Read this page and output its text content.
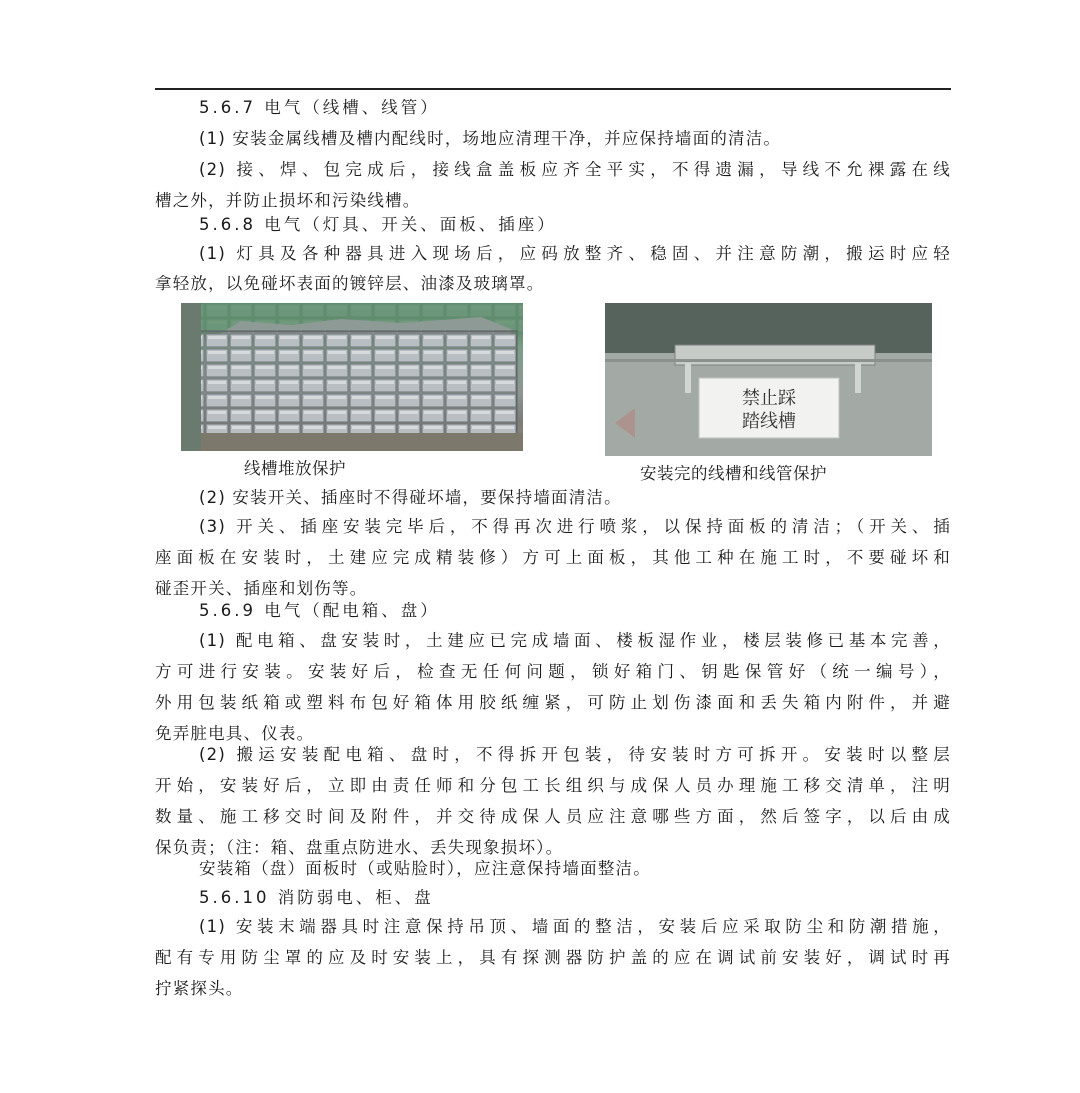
5.6.7 电气（线槽、线管）

(1) 安装金属线槽及槽内配线时，场地应清理干净，并应保持墙面的清洁。

(2) 接、焊、包完成后，接线盒盖板应齐全平实，不得遗漏，导线不允裸露在线
槽之外，并防止损坏和污染线槽。

5.6.8 电气（灯具、开关、面板、插座）

(1) 灯具及各种器具进入现场后，应码放整齐、稳固、并注意防潮，搬运时应轻
拿轻放，以免碰坏表面的镀锌层、油漆及玻璃罩。
线槽堆放保护
禁止踩
踏线槽
安装完的线槽和线管保护

(2) 安装开关、插座时不得碰坏墙，要保持墙面清洁。

(3) 开关、插座安装完毕后，不得再次进行喷浆，以保持面板的清洁；（开关、插
座面板在安装时，土建应完成精装修）方可上面板，其他工种在施工时，不要碰坏和
碰歪开关、插座和划伤等。

5.6.9 电气（配电箱、盘）

(1) 配电箱、盘安装时，土建应已完成墙面、楼板湿作业，楼层装修已基本完善，
方可进行安装。安装好后，检查无任何问题，锁好箱门、钥匙保管好（统一编号），
外用包装纸箱或塑料布包好箱体用胶纸缠紧，可防止划伤漆面和丢失箱内附件，并避
免弄脏电具、仪表。
(2) 搬运安装配电箱、盘时，不得拆开包装，待安装时方可拆开。安装时以整层
开始，安装好后，立即由责任师和分包工长组织与成保人员办理施工移交清单，注明
数量、施工移交时间及附件，并交待成保人员应注意哪些方面，然后签字，以后由成
保负责；（注：箱、盘重点防进水、丢失现象损坏）。

安装箱（盘）面板时（或贴脸时），应注意保持墙面整洁。

5.6.10 消防弱电、柜、盘

(1) 安装末端器具时注意保持吊顶、墙面的整洁，安装后应采取防尘和防潮措施，
配有专用防尘罩的应及时安装上，具有探测器防护盖的应在调试前安装好，调试时再
拧紧探头。
